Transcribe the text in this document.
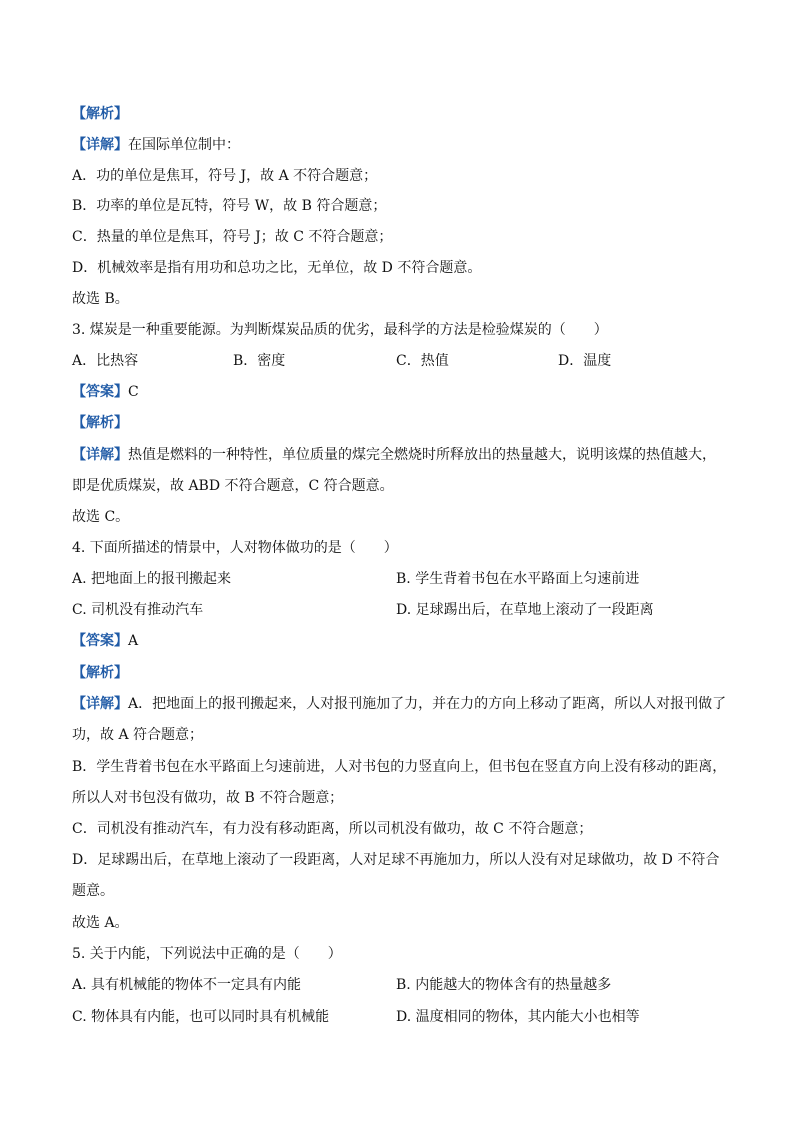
【解析】
【详解】在国际单位制中：
A．功的单位是焦耳，符号 J，故 A 不符合题意；
B．功率的单位是瓦特，符号 W，故 B 符合题意；
C．热量的单位是焦耳，符号 J；故 C 不符合题意；
D．机械效率是指有用功和总功之比，无单位，故 D 不符合题意。
故选 B。
3. 煤炭是一种重要能源。为判断煤炭品质的优劣，最科学的方法是检验煤炭的（　　）
A．比热容	B．密度	C．热值	D．温度
【答案】C
【解析】
【详解】热值是燃料的一种特性，单位质量的煤完全燃烧时所释放出的热量越大，说明该煤的热值越大，
即是优质煤炭，故 ABD 不符合题意，C 符合题意。
故选 C。
4. 下面所描述的情景中，人对物体做功的是（　　）
A. 把地面上的报刊搬起来	B. 学生背着书包在水平路面上匀速前进
C. 司机没有推动汽车	D. 足球踢出后，在草地上滚动了一段距离
【答案】A
【解析】
【详解】A．把地面上的报刊搬起来，人对报刊施加了力，并在力的方向上移动了距离，所以人对报刊做了
功，故 A 符合题意；
B．学生背着书包在水平路面上匀速前进，人对书包的力竖直向上，但书包在竖直方向上没有移动的距离，
所以人对书包没有做功，故 B 不符合题意；
C．司机没有推动汽车，有力没有移动距离，所以司机没有做功，故 C 不符合题意；
D．足球踢出后，在草地上滚动了一段距离，人对足球不再施加力，所以人没有对足球做功，故 D 不符合
题意。
故选 A。
5. 关于内能，下列说法中正确的是（　　）
A. 具有机械能的物体不一定具有内能	B. 内能越大的物体含有的热量越多
C. 物体具有内能，也可以同时具有机械能	D. 温度相同的物体，其内能大小也相等
